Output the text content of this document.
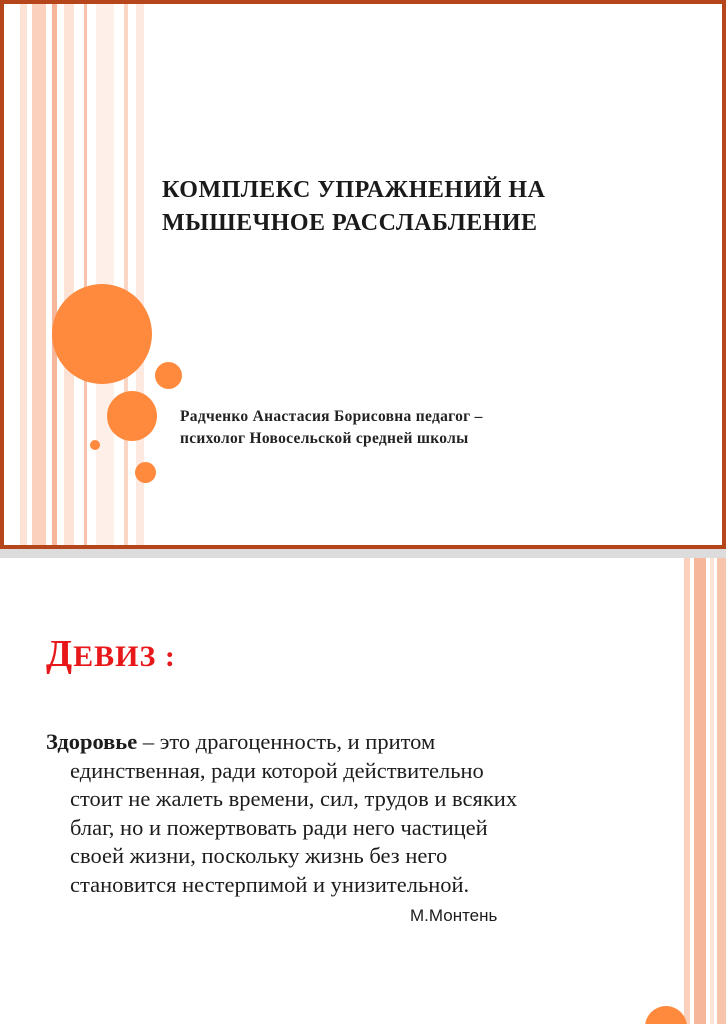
КОМПЛЕКС УПРАЖНЕНИЙ НА
МЫШЕЧНОЕ РАССЛАБЛЕНИЕ
Радченко Анастасия Борисовна педагог –
психолог Новосельской средней школы
ДЕВИЗ :
Здоровье – это драгоценность, и притом
единственная, ради которой действительно
стоит не жалеть времени, сил, трудов и всяких
благ, но и пожертвовать ради него частицей
своей жизни, поскольку жизнь без него
становится нестерпимой и унизительной.
М.Монтень
